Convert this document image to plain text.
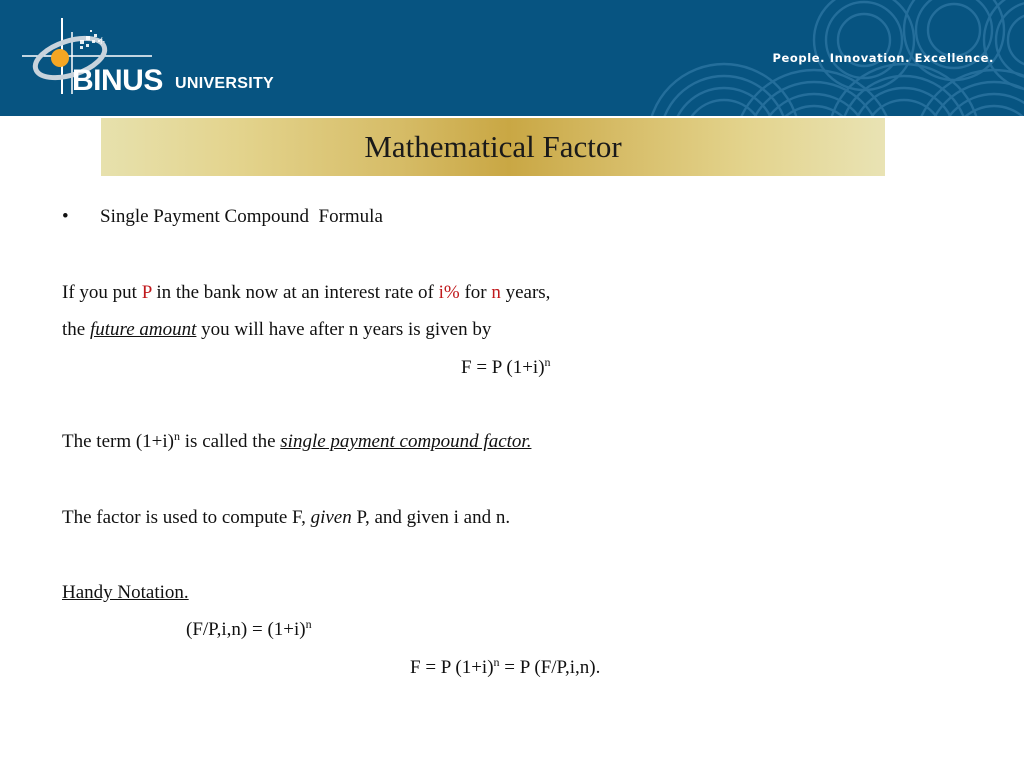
f·
BINUS UNIVERSITY
People. Innovation. Excellence.
Mathematical Factor
• Single Payment Compound  Formula
If you put P in the bank now at an interest rate of i% for n years,
the future amount you will have after n years is given by
F = P $(1+i)^n$
The term $(1+i)^n$ is called the single payment compound factor.
The factor is used to compute F, given P, and given i and n.
Handy Notation.
$(F/P,i,n) = (1+i)^n$
F = P $(1+i)^n = P$ (F/P,i,n).
